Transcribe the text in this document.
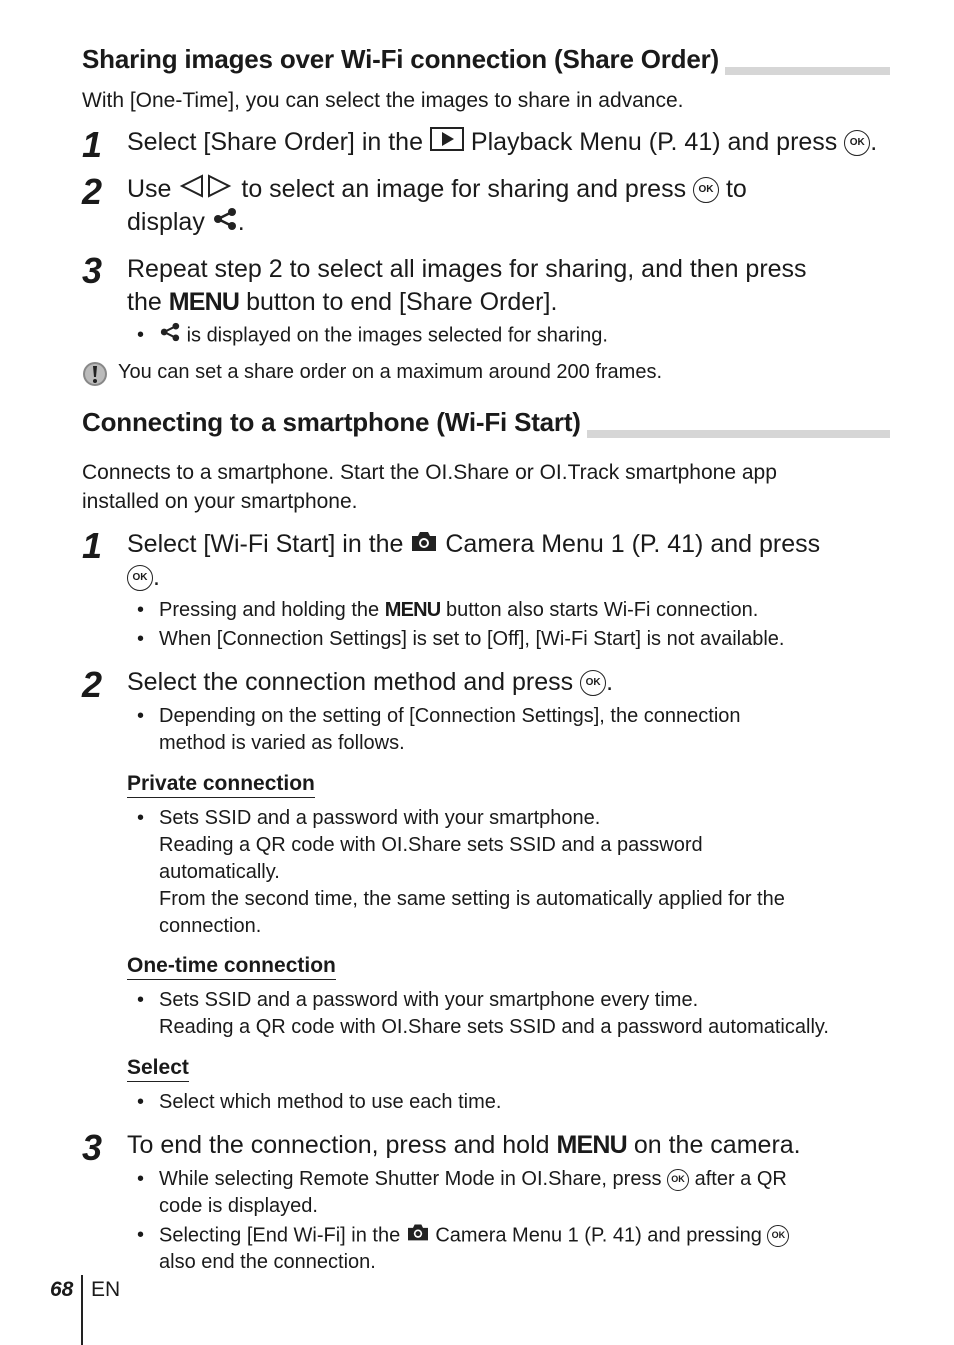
Sharing images over Wi-Fi connection (Share Order)
With [One-Time], you can select the images to share in advance.
1 Select [Share Order] in the Playback Menu (P. 41) and press OK .
2 Use	to select an image for sharing and press OK to
display .
3 Repeat step 2 to select all images for sharing, and then press
the MENU button to end [Share Order].
•	is displayed on the images selected for sharing.
You can set a share order on a maximum around 200 frames.
Connecting to a smartphone (Wi-Fi Start)
Connects to a smartphone. Start the OI.Share or OI.Track smartphone app
installed on your smartphone.
1 Select [Wi-Fi Start] in the Camera Menu 1 (P. 41) and press
OK .
• Pressing and holding the MENU button also starts Wi-Fi connection.
• When [Connection Settings] is set to [Off], [Wi-Fi Start] is not available.
2 Select the connection method and press OK .
• Depending on the setting of [Connection Settings], the connection
method is varied as follows.
Private connection
• Sets SSID and a password with your smartphone.
Reading a QR code with OI.Share sets SSID and a password
automatically.
From the second time, the same setting is automatically applied for the
connection.
One-time connection
• Sets SSID and a password with your smartphone every time.
Reading a QR code with OI.Share sets SSID and a password automatically.
Select
• Select which method to use each time.
3 To end the connection, press and hold MENU on the camera.
• While selecting Remote Shutter Mode in OI.Share, press OK after a QR
code is displayed.
• Selecting [End Wi-Fi] in the Camera Menu 1 (P. 41) and pressing OK
also end the connection.
68 EN
